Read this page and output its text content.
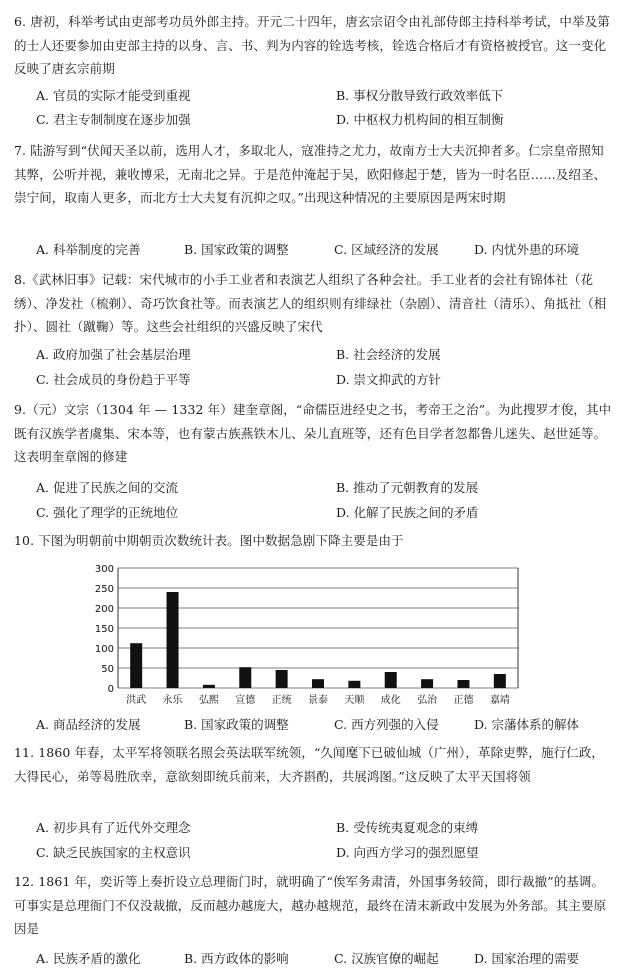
6. 唐初，科举考试由吏部考功员外郎主持。开元二十四年，唐玄宗诏令由礼部侍郎主持科举考试，中举及第的士人还要参加由吏部主持的以身、言、书、判为内容的铨选考核，铨选合格后才有资格被授官。这一变化反映了唐玄宗前期
A. 官员的实际才能受到重视	B. 事权分散导致行政效率低下
C. 君主专制制度在逐步加强	D. 中枢权力机构间的相互制衡
7. 陆游写到“伏闻天圣以前，选用人才，多取北人，寇准持之尤力，故南方士大夫沉抑者多。仁宗皇帝照知其弊，公听并视，兼收博采，无南北之异。于是范仲淹起于吴，欧阳修起于楚，皆为一时名臣……及绍圣、崇宁间，取南人更多，而北方士大夫复有沉抑之叹。”出现这种情况的主要原因是两宋时期
A. 科举制度的完善	B. 国家政策的调整	C. 区域经济的发展	D. 内忧外患的环境
8.《武林旧事》记载：宋代城市的小手工业者和表演艺人组织了各种会社。手工业者的会社有锦体社（花绣）、净发社（梳剃）、奇巧饮食社等。而表演艺人的组织则有绯绿社（杂剧）、清音社（清乐）、角抵社（相扑）、圆社（蹴鞠）等。这些会社组织的兴盛反映了宋代
A. 政府加强了社会基层治理	B. 社会经济的发展
C. 社会成员的身份趋于平等	D. 崇文抑武的方针
9.（元）文宗（1304 年 — 1332 年）建奎章阁，“命儒臣进经史之书，考帝王之治”。为此搜罗才俊，其中既有汉族学者虞集、宋本等，也有蒙古族燕铁木儿、朵儿直班等，还有色目学者忽都鲁儿迷失、赵世延等。这表明奎章阁的修建
A. 促进了民族之间的交流	B. 推动了元朝教育的发展
C. 强化了理学的正统地位	D. 化解了民族之间的矛盾
10. 下图为明朝前中期朝贡次数统计表。图中数据急剧下降主要是由于
0
50
100
150
200
250
300
洪武 永乐 弘熙 宣德 正统 景泰 天顺 成化 弘治 正德 嘉靖
A. 商品经济的发展	B. 国家政策的调整	C. 西方列强的入侵	D. 宗藩体系的解体
11. 1860 年春，太平军将领联名照会英法联军统领，“久闻麾下已破仙城（广州），革除吏弊，施行仁政，大得民心，弟等曷胜欣幸，意欲刻即统兵前来，大齐斟酌，共展鸿图。”这反映了太平天国将领
A. 初步具有了近代外交理念	B. 受传统夷夏观念的束缚
C. 缺乏民族国家的主权意识	D. 向西方学习的强烈愿望
12. 1861 年，奕䜣等上奏折设立总理衙门时，就明确了“俟军务肃清，外国事务较简，即行裁撤”的基调。可事实是总理衙门不仅没裁撤，反而越办越庞大，越办越规范，最终在清末新政中发展为外务部。其主要原因是
A. 民族矛盾的激化	B. 西方政体的影响	C. 汉族官僚的崛起	D. 国家治理的需要
